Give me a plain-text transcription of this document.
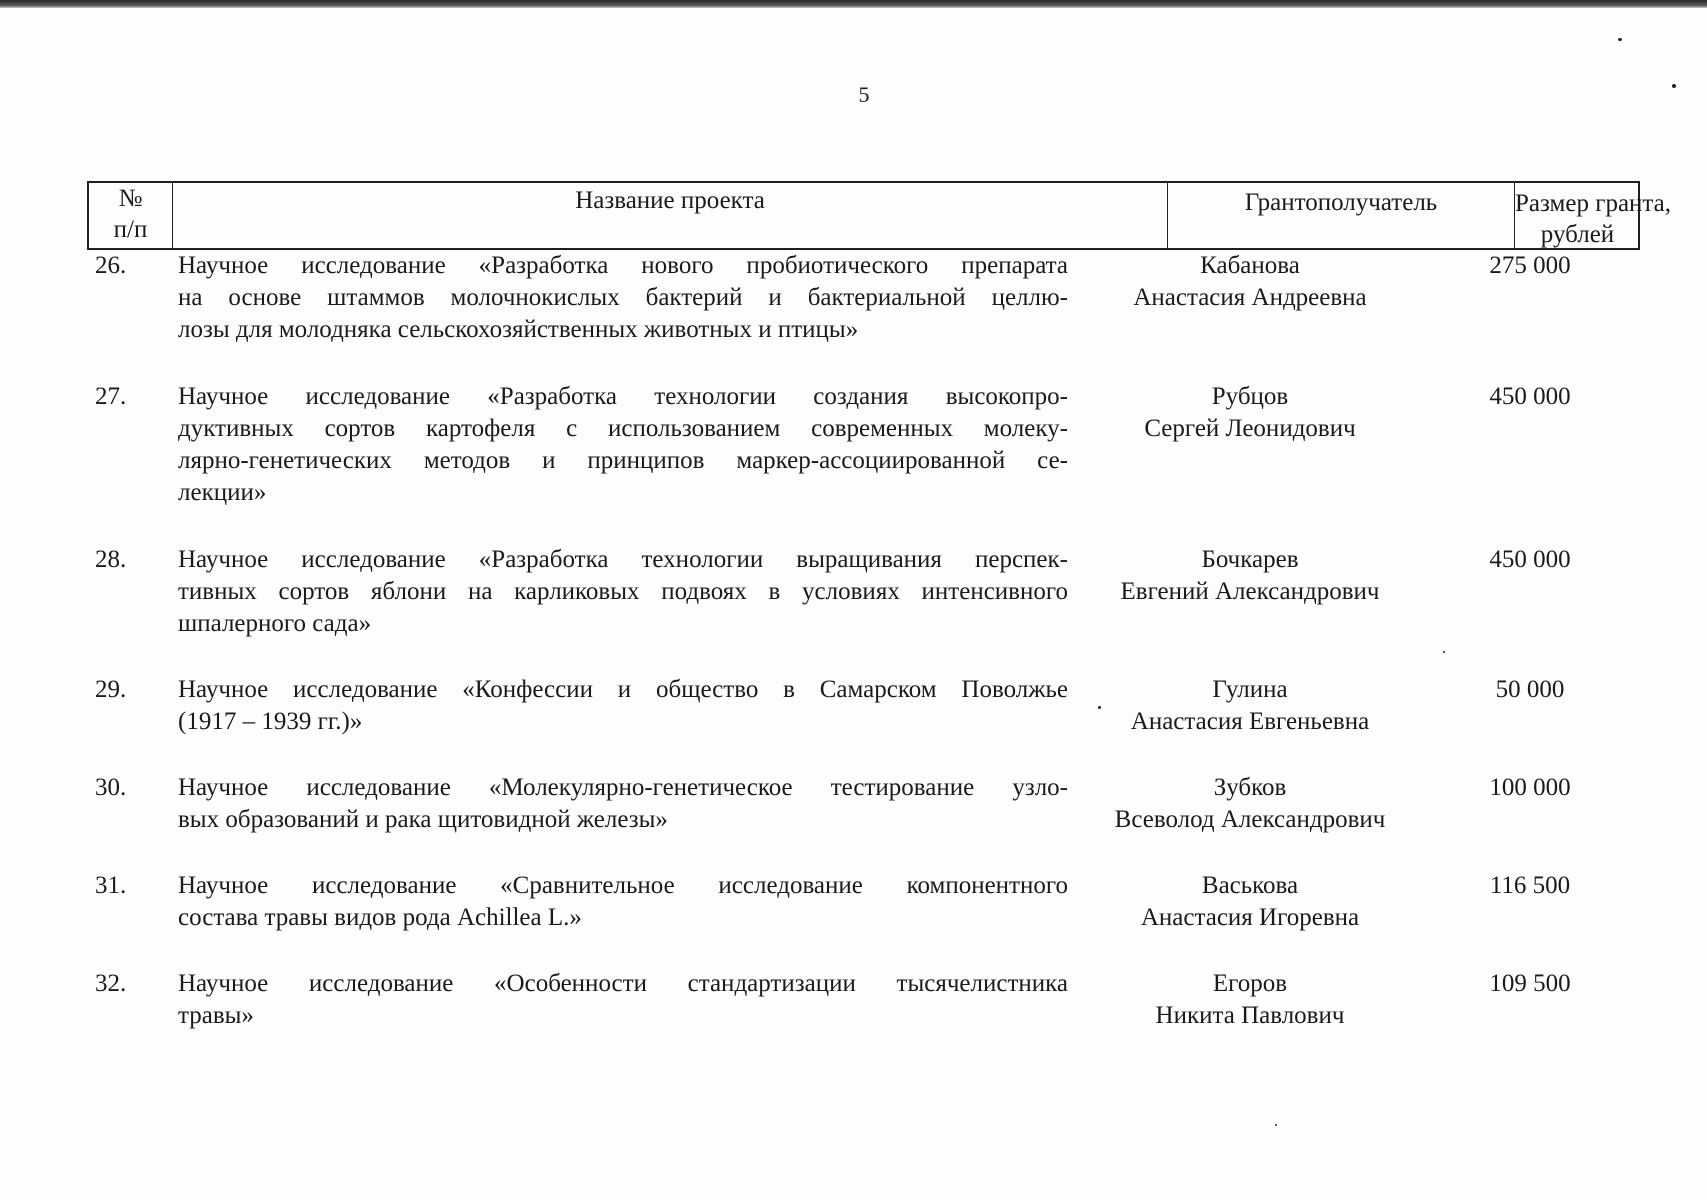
5
№
п/п
Название проекта	Грантополучатель	Размер гранта,
рублей
26. Научное исследование «Разработка нового пробиотического препарата
на основе штаммов молочнокислых бактерий и бактериальной целлю-
лозы для молодняка сельскохозяйственных животных и птицы»
Кабанова
Анастасия Андреевна
275 000
27. Научное исследование «Разработка технологии создания высокопро-
дуктивных сортов картофеля с использованием современных молеку-
лярно-генетических методов и принципов маркер-ассоциированной се-
лекции»
Рубцов
Сергей Леонидович
450 000
28. Научное исследование «Разработка технологии выращивания перспек-
тивных сортов яблони на карликовых подвоях в условиях интенсивного
шпалерного сада»
Бочкарев
Евгений Александрович
450 000
29. Научное исследование «Конфессии и общество в Самарском Поволжье
(1917 – 1939 гг.)»
Гулина
Анастасия Евгеньевна
50 000
30. Научное исследование «Молекулярно-генетическое тестирование узло-
вых образований и рака щитовидной железы»
Зубков
Всеволод Александрович
100 000
31. Научное исследование «Сравнительное исследование компонентного
состава травы видов рода Achillea L.»
Васькова
Анастасия Игоревна
116 500
32. Научное исследование «Особенности стандартизации тысячелистника
травы»
Егоров
Никита Павлович
109 500
